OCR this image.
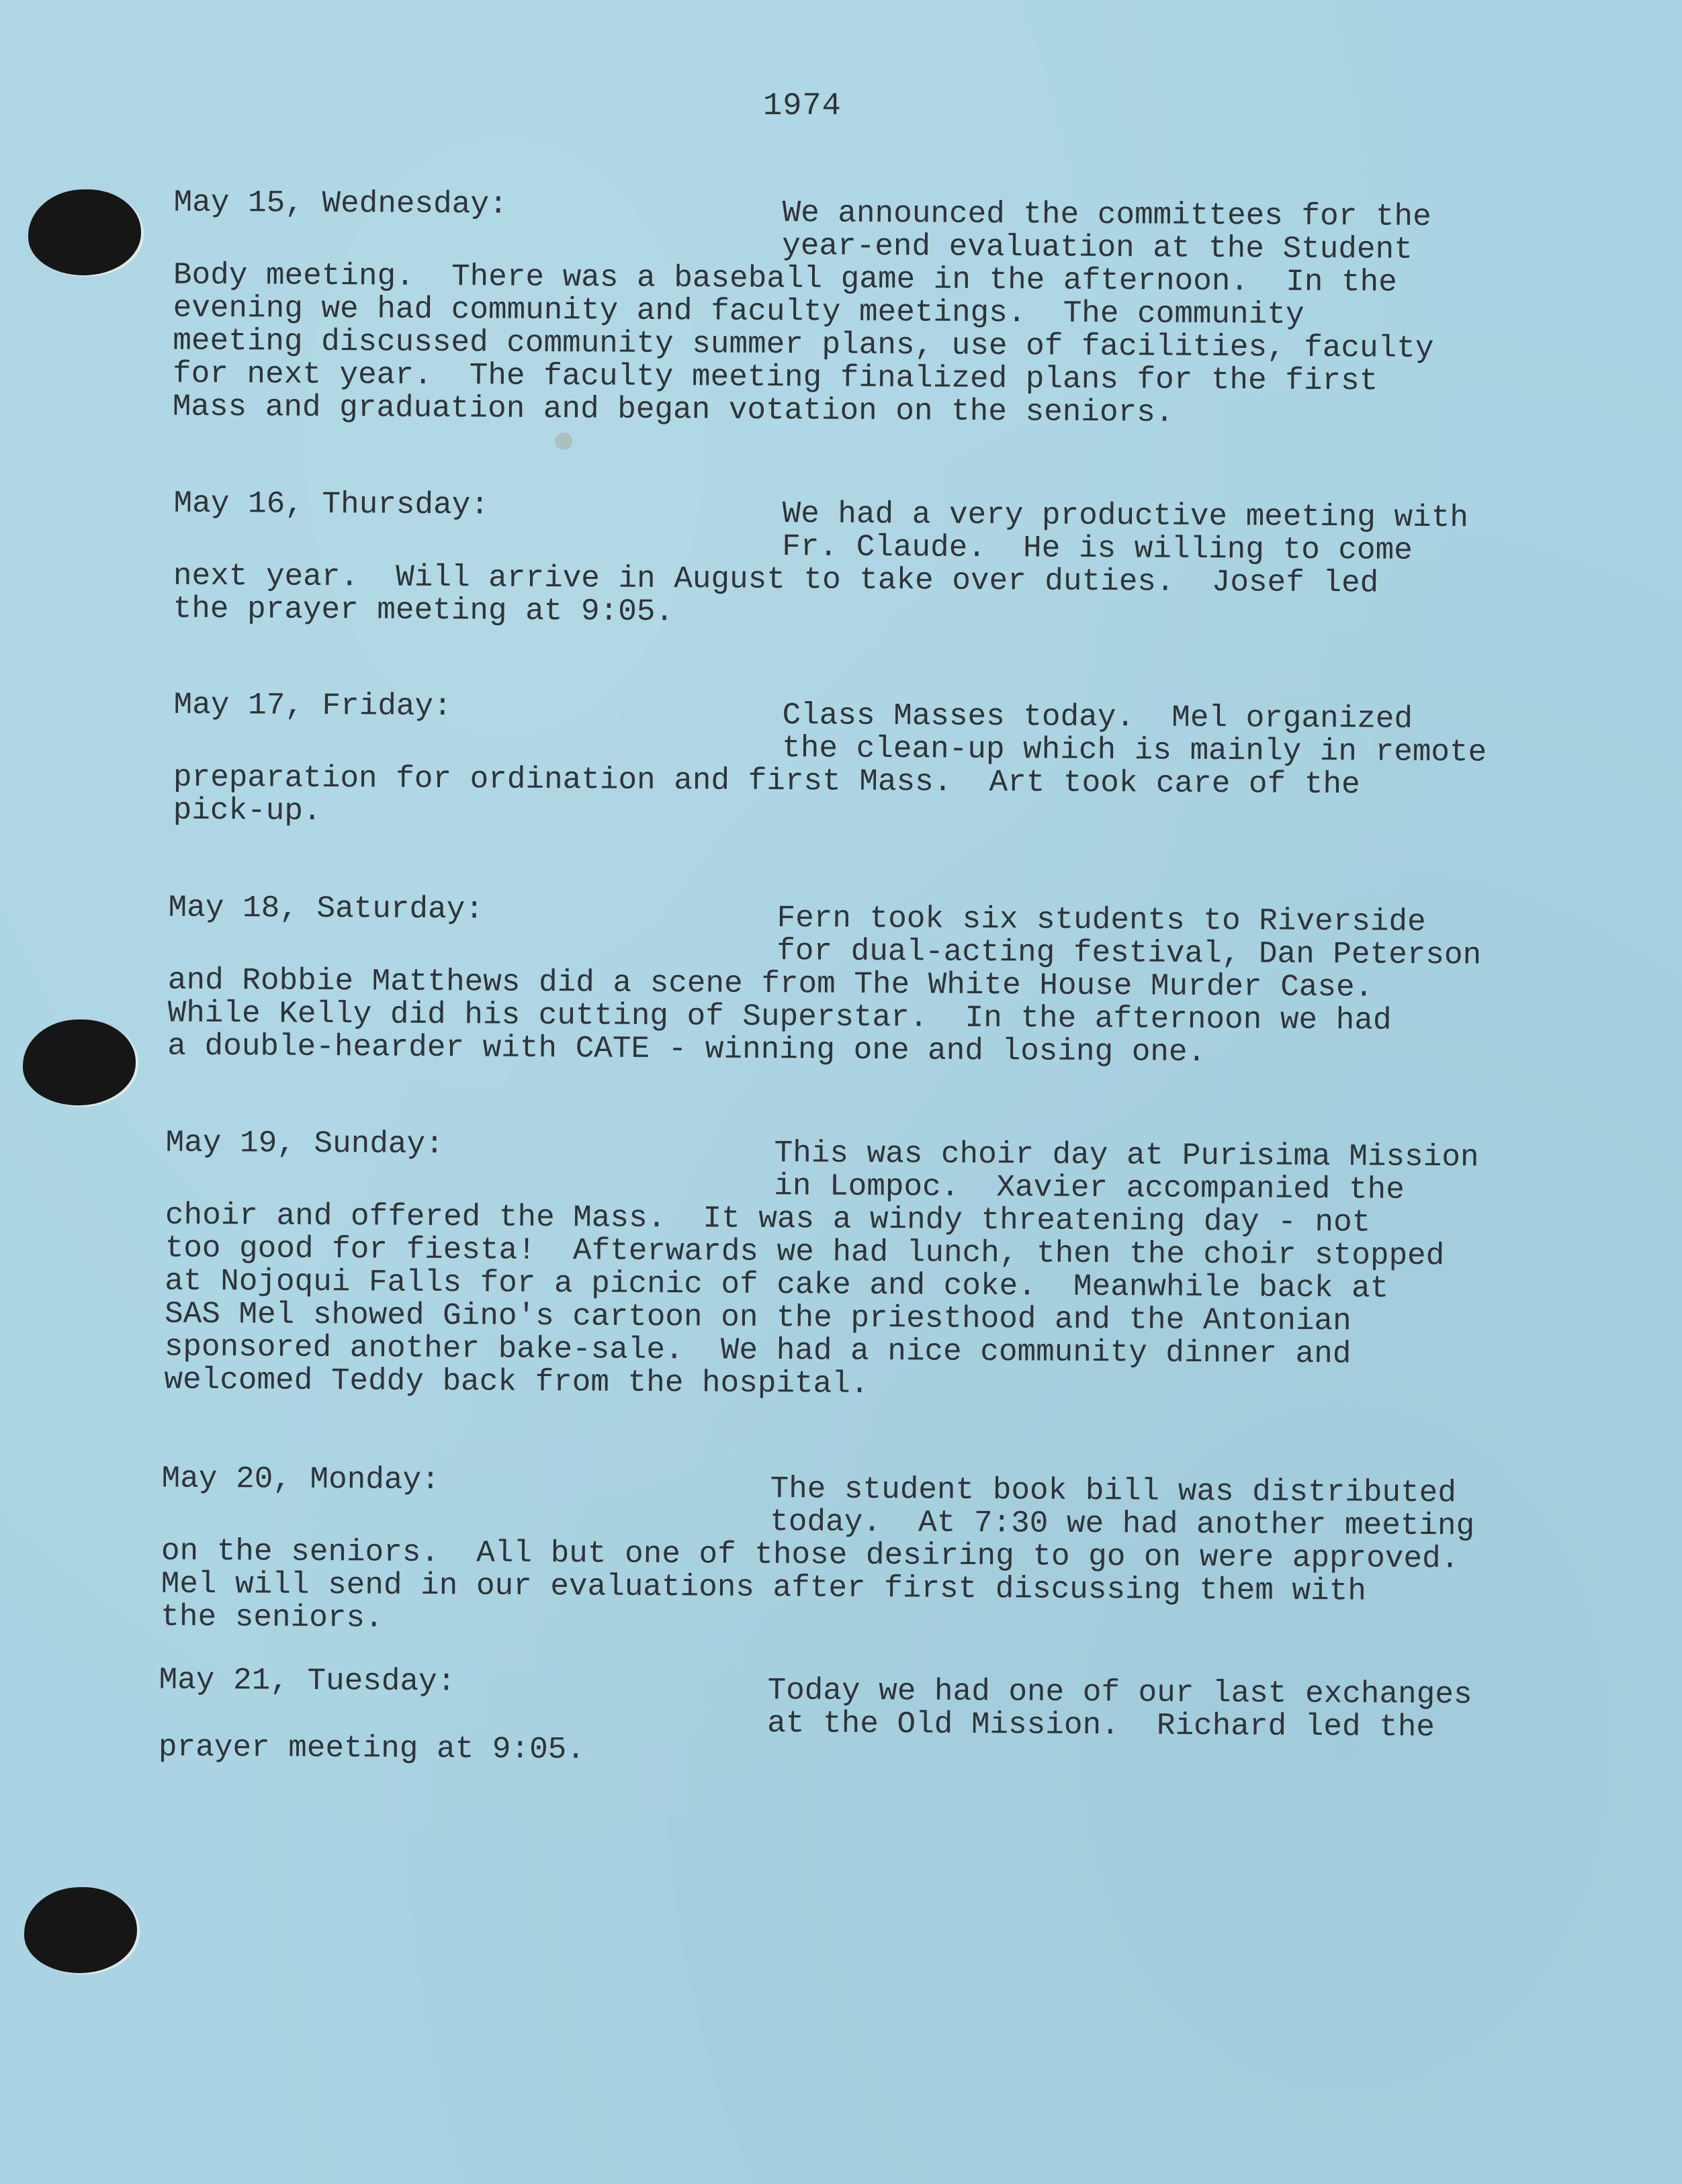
1974

May 15, Wednesday:

	We announced the committees for the
year-end evaluation at the Student

Body meeting.  There was a baseball game in the afternoon.  In the
evening we had community and faculty meetings.  The community
meeting discussed community summer plans, use of facilities, faculty
for next year.  The faculty meeting finalized plans for the first
Mass and graduation and began votation on the seniors.

May 16, Thursday:

	We had a very productive meeting with
Fr. Claude.  He is willing to come

next year.  Will arrive in August to take over duties.  Josef led
the prayer meeting at 9:05.

May 17, Friday:

	Class Masses today.  Mel organized
the clean-up which is mainly in remote

preparation for ordination and first Mass.  Art took care of the
pick-up.

May 18, Saturday:

	Fern took six students to Riverside
for dual-acting festival, Dan Peterson

and Robbie Matthews did a scene from The White House Murder Case.
While Kelly did his cutting of Superstar.  In the afternoon we had
a double-hearder with CATE - winning one and losing one.

May 19, Sunday:

	This was choir day at Purisima Mission
in Lompoc.  Xavier accompanied the

choir and offered the Mass.  It was a windy threatening day - not
too good for fiesta!  Afterwards we had lunch, then the choir stopped
at Nojoqui Falls for a picnic of cake and coke.  Meanwhile back at
SAS Mel showed Gino's cartoon on the priesthood and the Antonian
sponsored another bake-sale.  We had a nice community dinner and
welcomed Teddy back from the hospital.

May 20, Monday:

	The student book bill was distributed
today.  At 7:30 we had another meeting

on the seniors.  All but one of those desiring to go on were approved.
Mel will send in our evaluations after first discussing them with
the seniors.

May 21, Tuesday:

	Today we had one of our last exchanges
at the Old Mission.  Richard led the

prayer meeting at 9:05.
